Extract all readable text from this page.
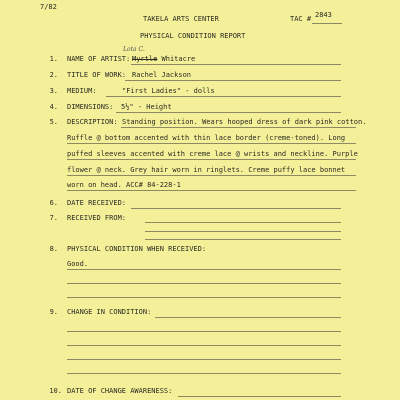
7/82
TAKELA ARTS CENTER	TAC # 2843
PHYSICAL CONDITION REPORT
1. NAME OF ARTIST:
Lota C.
Myrtle Whitacre
2. TITLE OF WORK: Rachel Jackson
3. MEDIUM:	"First Ladies" - dolls
4. DIMENSIONS: 5½" - Height
5. DESCRIPTION: Standing position. Wears hooped dress of dark pink cotton.
Ruffle @ bottom accented with thin lace border (creme-toned). Long
puffed sleeves accented with creme lace @ wrists and neckline. Purple
flower @ neck. Grey hair worn in ringlets. Creme puffy lace bonnet
worn on head. ACC# 84-228-1
6. DATE RECEIVED:
7. RECEIVED FROM:
8. PHYSICAL CONDITION WHEN RECEIVED:
Good.
9. CHANGE IN CONDITION:
10. DATE OF CHANGE AWARENESS:
